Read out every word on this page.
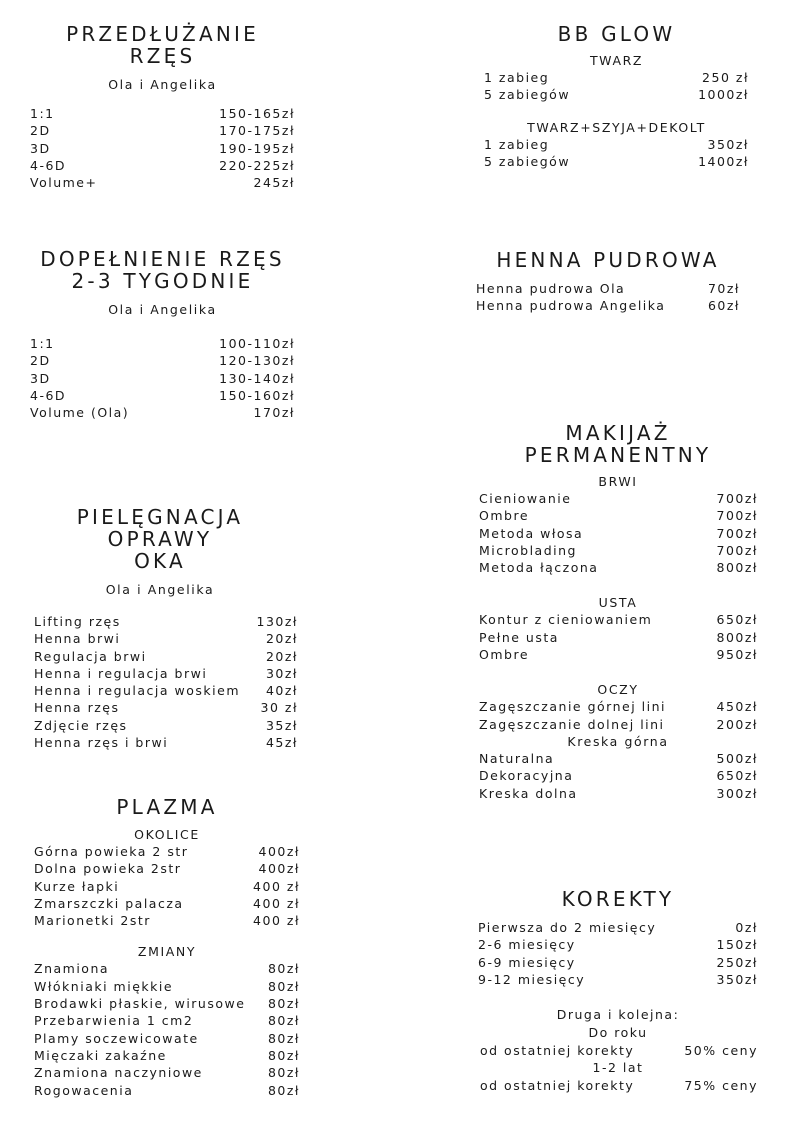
PRZEDŁUŻANIE RZĘS

Ola i Angelika

1:1	150-165zł
2D	170-175zł
3D	190-195zł
4-6D	220-225zł
Volume+	245zł
DOPEŁNIENIE RZĘS
2-3 TYGODNIE

Ola i Angelika

1:1	100-110zł
2D	120-130zł
3D	130-140zł
4-6D	150-160zł
Volume (Ola)	170zł
PIELĘGNACJA OPRAWY
OKA

Ola i Angelika

Lifting rzęs	130zł
Henna brwi	20zł
Regulacja brwi	20zł
Henna i regulacja brwi	30zł
Henna i regulacja woskiem 40zł
Henna rzęs	30 zł
Zdjęcie rzęs	35zł
Henna rzęs i brwi	45zł
PLAZMA

OKOLICE

Górna powieka 2 str	400zł
Dolna powieka 2str	400zł
Kurze łapki	400 zł
Zmarszczki palacza	400 zł
Marionetki 2str	400 zł

ZMIANY

Znamiona	80zł
Włókniaki miękkie	80zł
Brodawki płaskie, wirusowe 80zł
Przebarwienia 1 cm2	80zł
Plamy soczewicowate	80zł
Mięczaki zakaźne	80zł
Znamiona naczyniowe	80zł
Rogowacenia	80zł
BB GLOW

TWARZ

1 zabieg	250 zł
5 zabiegów	1000zł

TWARZ+SZYJA+DEKOLT

1 zabieg	350zł
5 zabiegów	1400zł
HENNA PUDROWA
Henna pudrowa Ola	70zł
Henna pudrowa Angelika	60zł
MAKIJAŻ
PERMANENTNY

BRWI

Cieniowanie	700zł
Ombre	700zł
Metoda włosa	700zł
Microblading	700zł
Metoda łączona	800zł

USTA

Kontur z cieniowaniem	650zł
Pełne usta	800zł
Ombre	950zł

OCZY

Zagęszczanie górnej lini	450zł
Zagęszczanie dolnej lini	200zł

Kreska górna

Naturalna	500zł
Dekoracyjna	650zł
Kreska dolna	300zł
KOREKTY
Pierwsza do 2 miesięcy	0zł
2-6 miesięcy	150zł
6-9 miesięcy	250zł
9-12 miesięcy	350zł
Druga i kolejna:
Do roku
od ostatniej korekty	50% ceny
1-2 lat
od ostatniej korekty	75% ceny
